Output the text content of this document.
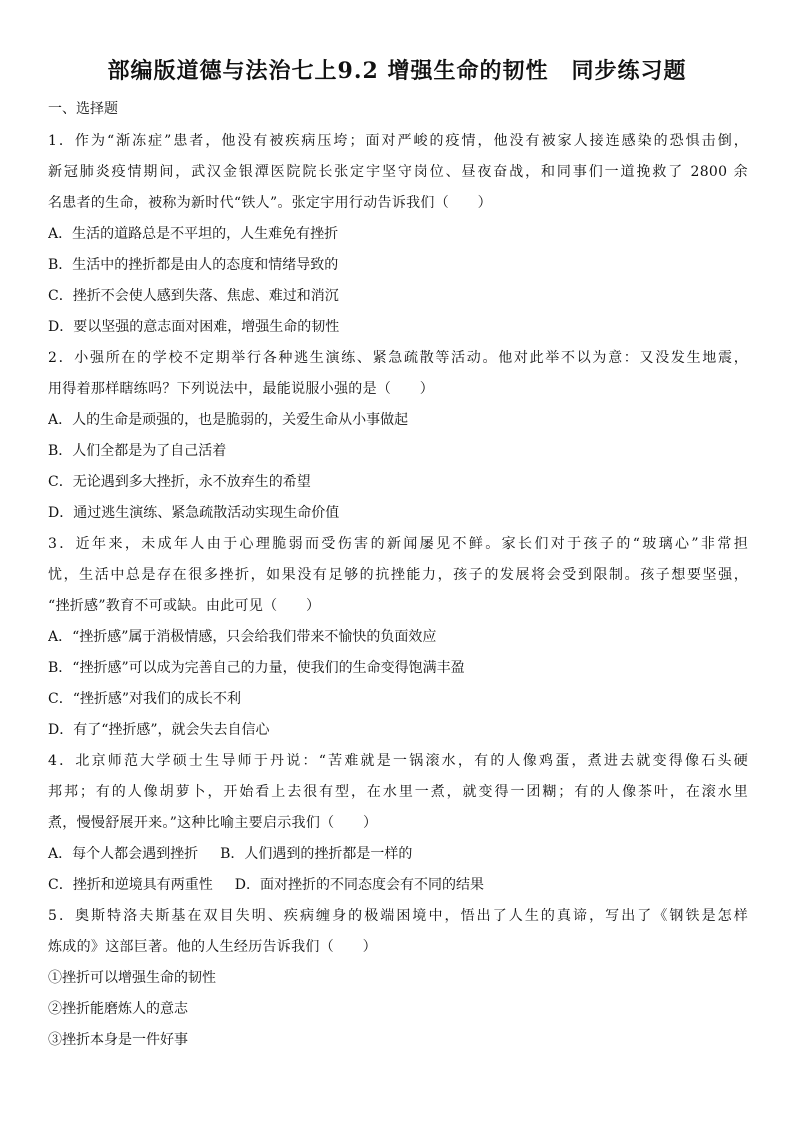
部编版道德与法治七上9.2 增强生命的韧性　同步练习题
一、选择题
1．作为“渐冻症”患者，他没有被疾病压垮；面对严峻的疫情，他没有被家人接连感染的恐惧击倒，
新冠肺炎疫情期间，武汉金银潭医院院长张定宇坚守岗位、昼夜奋战，和同事们一道挽救了 2800 余
名患者的生命，被称为新时代“铁人”。张定宇用行动告诉我们（　　）
A．生活的道路总是不平坦的，人生难免有挫折
B．生活中的挫折都是由人的态度和情绪导致的
C．挫折不会使人感到失落、焦虑、难过和消沉
D．要以坚强的意志面对困难，增强生命的韧性
2．小强所在的学校不定期举行各种逃生演练、紧急疏散等活动。他对此举不以为意：又没发生地震，
用得着那样瞎练吗？下列说法中，最能说服小强的是（　　）
A．人的生命是顽强的，也是脆弱的，关爱生命从小事做起
B．人们全都是为了自己活着
C．无论遇到多大挫折，永不放弃生的希望
D．通过逃生演练、紧急疏散活动实现生命价值
3．近年来，未成年人由于心理脆弱而受伤害的新闻屡见不鲜。家长们对于孩子的“玻璃心”非常担
忧，生活中总是存在很多挫折，如果没有足够的抗挫能力，孩子的发展将会受到限制。孩子想要坚强，
“挫折感”教育不可或缺。由此可见（　　）
A．“挫折感”属于消极情感，只会给我们带来不愉快的负面效应
B．“挫折感”可以成为完善自己的力量，使我们的生命变得饱满丰盈
C．“挫折感”对我们的成长不利
D．有了“挫折感”，就会失去自信心
4．北京师范大学硕士生导师于丹说：“苦难就是一锅滚水，有的人像鸡蛋，煮进去就变得像石头硬
邦邦；有的人像胡萝卜，开始看上去很有型，在水里一煮，就变得一团糊；有的人像茶叶，在滚水里
煮，慢慢舒展开来。”这种比喻主要启示我们（　　）
A．每个人都会遇到挫折 B．人们遇到的挫折都是一样的
C．挫折和逆境具有两重性 D．面对挫折的不同态度会有不同的结果
5．奥斯特洛夫斯基在双目失明、疾病缠身的极端困境中，悟出了人生的真谛，写出了《钢铁是怎样
炼成的》这部巨著。他的人生经历告诉我们（　　）
①挫折可以增强生命的韧性
②挫折能磨炼人的意志
③挫折本身是一件好事
